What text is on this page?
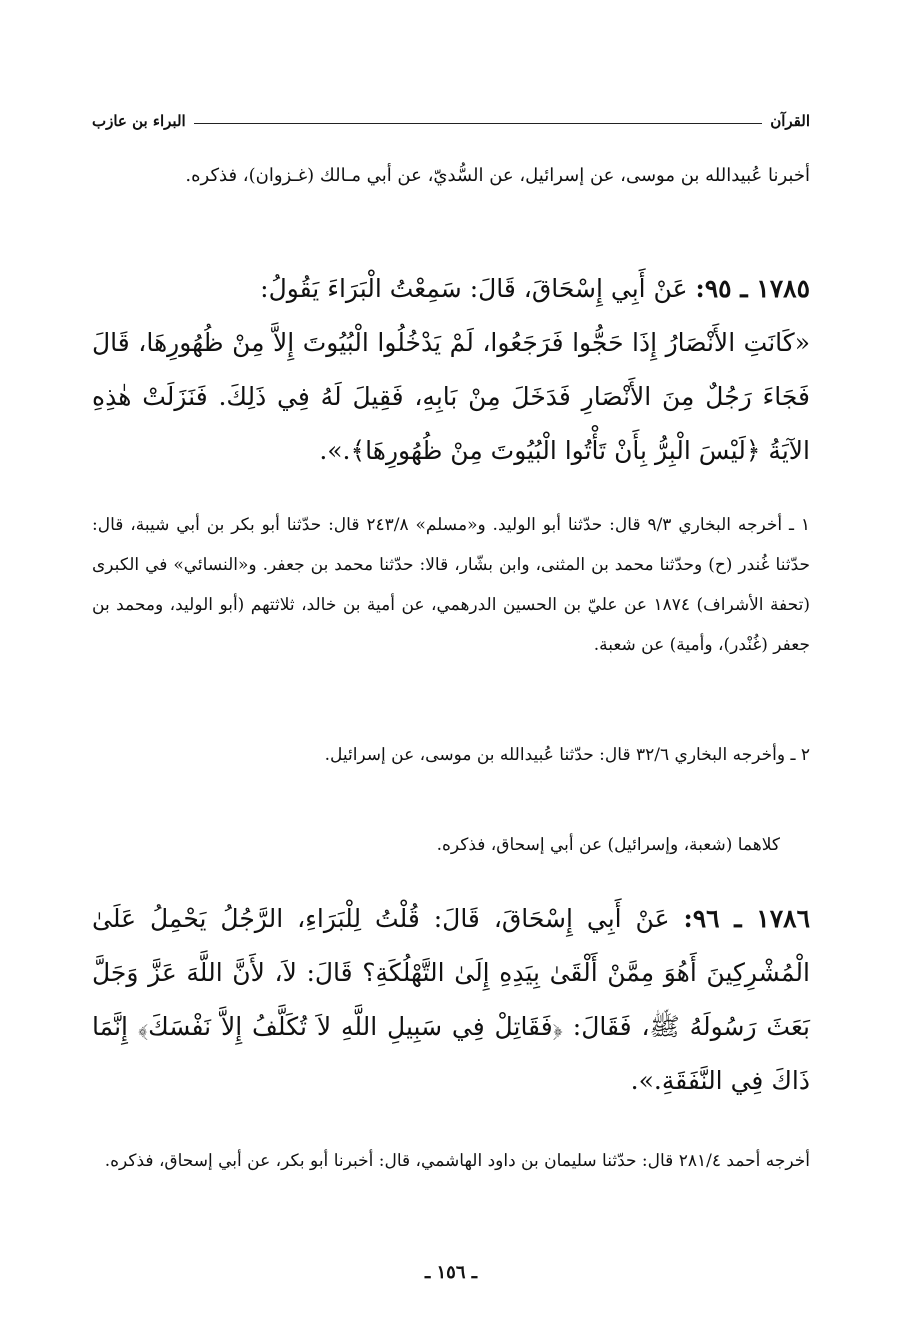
القرآن
البراء بن عازب
أخبرنا عُبيدالله بن موسى، عن إسرائيل، عن السُّديّ، عن أبي مـالك (غـزوان)، فذكره.
١٧٨٥ ـ ٩٥: عَنْ أَبِي إِسْحَاقَ، قَالَ: سَمِعْتُ الْبَرَاءَ يَقُولُ:
«كَانَتِ الأَنْصَارُ إِذَا حَجُّوا فَرَجَعُوا، لَمْ يَدْخُلُوا الْبُيُوتَ إِلاَّ مِنْ ظُهُورِهَا، قَالَ فَجَاءَ رَجُلٌ مِنَ الأَنْصَارِ فَدَخَلَ مِنْ بَابِهِ، فَقِيلَ لَهُ فِي ذَلِكَ. فَنَزَلَتْ هٰذِهِ الآيَةُ ﴿لَيْسَ الْبِرُّ بِأَنْ تَأْتُوا الْبُيُوتَ مِنْ ظُهُورِهَا﴾.».
١ ـ أخرجه البخاري ٩/٣ قال: حدّثنا أبو الوليد. و«مسلم» ٢٤٣/٨ قال: حدّثنا أبو بكر بن أبي شيبة، قال: حدّثنا غُندر (ح) وحدّثنا محمد بن المثنى، وابن بشّار، قالا: حدّثنا محمد بن جعفر. و«النسائي» في الكبرى (تحفة الأشراف) ١٨٧٤ عن عليّ بن الحسين الدرهمي، عن أمية بن خالد، ثلاثتهم (أبو الوليد، ومحمد بن جعفر (غُنْدر)، وأمية) عن شعبة.
٢ ـ وأخرجه البخاري ٣٢/٦ قال: حدّثنا عُبيدالله بن موسى، عن إسرائيل.
كلاهما (شعبة، وإسرائيل) عن أبي إسحاق، فذكره.
١٧٨٦ ـ ٩٦: عَنْ أَبِي إِسْحَاقَ، قَالَ: قُلْتُ لِلْبَرَاءِ، الرَّجُلُ يَحْمِلُ عَلَىٰ الْمُشْرِكِينَ أَهُوَ مِمَّنْ أَلْقَىٰ بِيَدِهِ إِلَىٰ التَّهْلُكَةِ؟ قَالَ: لاَ، لأَنَّ اللَّهَ عَزَّ وَجَلَّ بَعَثَ رَسُولَهُ ﷺ، فَقَالَ: ﴿فَقَاتِلْ فِي سَبِيلِ اللَّهِ لاَ تُكَلَّفُ إِلاَّ نَفْسَكَ﴾ إِنَّمَا ذَاكَ فِي النَّفَقَةِ.».
أخرجه أحمد ٢٨١/٤ قال: حدّثنا سليمان بن داود الهاشمي، قال: أخبرنا أبو بكر، عن أبي إسحاق، فذكره.
ـ ١٥٦ ـ
